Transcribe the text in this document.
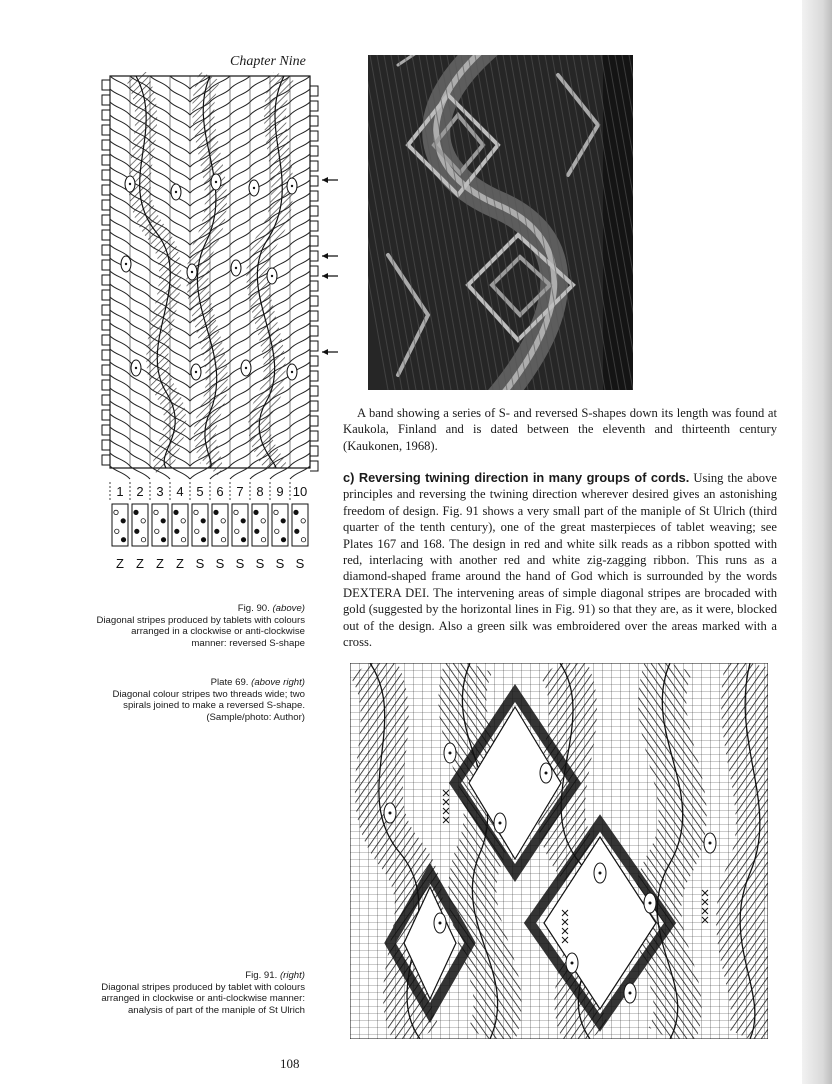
Chapter Nine
1 2 3 4 5 6 7 8 9 10
Z Z Z Z S S S S S S

A band showing a series of S- and reversed S-shapes down its length was found at Kaukola, Finland and is dated between the eleventh and thirteenth century (Kaukonen, 1968).

c) Reversing twining direction in many groups of cords. Using the above principles and reversing the twining direction wherever desired gives an astonishing freedom of design. Fig. 91 shows a very small part of the maniple of St Ulrich (third quarter of the tenth century), one of the great masterpieces of tablet weaving; see Plates 167 and 168. The design in red and white silk reads as a ribbon spotted with red, interlacing with another red and white zig-zagging ribbon. This runs as a diamond-shaped frame around the hand of God which is surrounded by the words DEXTERA DEI. The intervening areas of simple diagonal stripes are brocaded with gold (suggested by the horizontal lines in Fig. 91) so that they are, as it were, blocked out of the design. Also a green silk was embroidered over the areas marked with a cross.

Fig. 90. (above)
Diagonal stripes produced by tablets with colours arranged in a clockwise or anti-clockwise manner: reversed S-shape
Plate 69. (above right)
Diagonal colour stripes two threads wide; two spirals joined to make a reversed S-shape. (Sample/photo: Author)
Fig. 91. (right)
Diagonal stripes produced by tablet with colours arranged in clockwise or anti-clockwise manner: analysis of part of the maniple of St Ulrich
108
